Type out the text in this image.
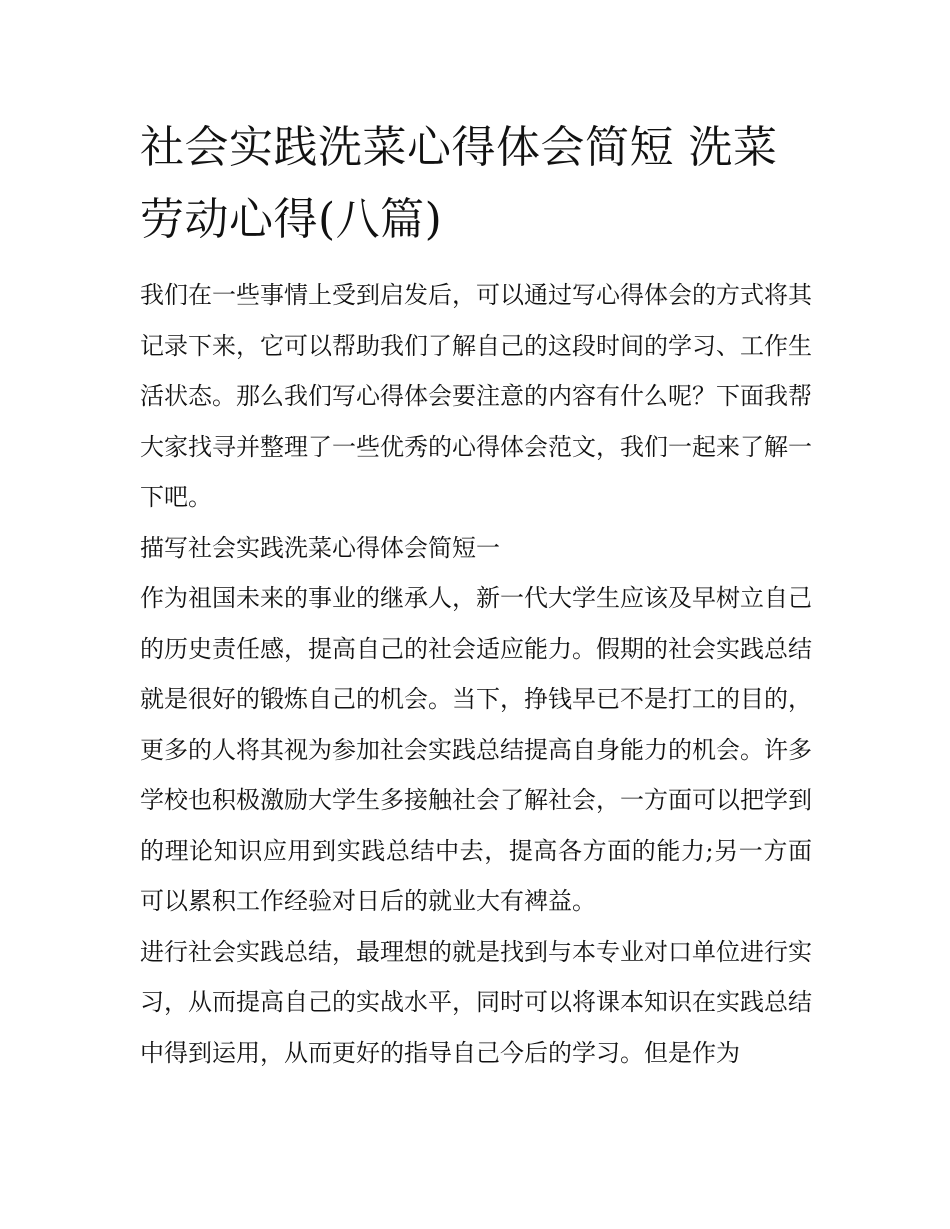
社会实践洗菜心得体会简短 洗菜劳动心得(八篇)

我们在一些事情上受到启发后，可以通过写心得体会的方式将其记录下来，它可以帮助我们了解自己的这段时间的学习、工作生活状态。那么我们写心得体会要注意的内容有什么呢？下面我帮大家找寻并整理了一些优秀的心得体会范文，我们一起来了解一下吧。

描写社会实践洗菜心得体会简短一

作为祖国未来的事业的继承人，新一代大学生应该及早树立自己的历史责任感，提高自己的社会适应能力。假期的社会实践总结就是很好的锻炼自己的机会。当下，挣钱早已不是打工的目的，更多的人将其视为参加社会实践总结提高自身能力的机会。许多学校也积极激励大学生多接触社会了解社会，一方面可以把学到的理论知识应用到实践总结中去，提高各方面的能力;另一方面可以累积工作经验对日后的就业大有裨益。

进行社会实践总结，最理想的就是找到与本专业对口单位进行实习，从而提高自己的实战水平，同时可以将课本知识在实践总结中得到运用，从而更好的指导自己今后的学习。但是作为
